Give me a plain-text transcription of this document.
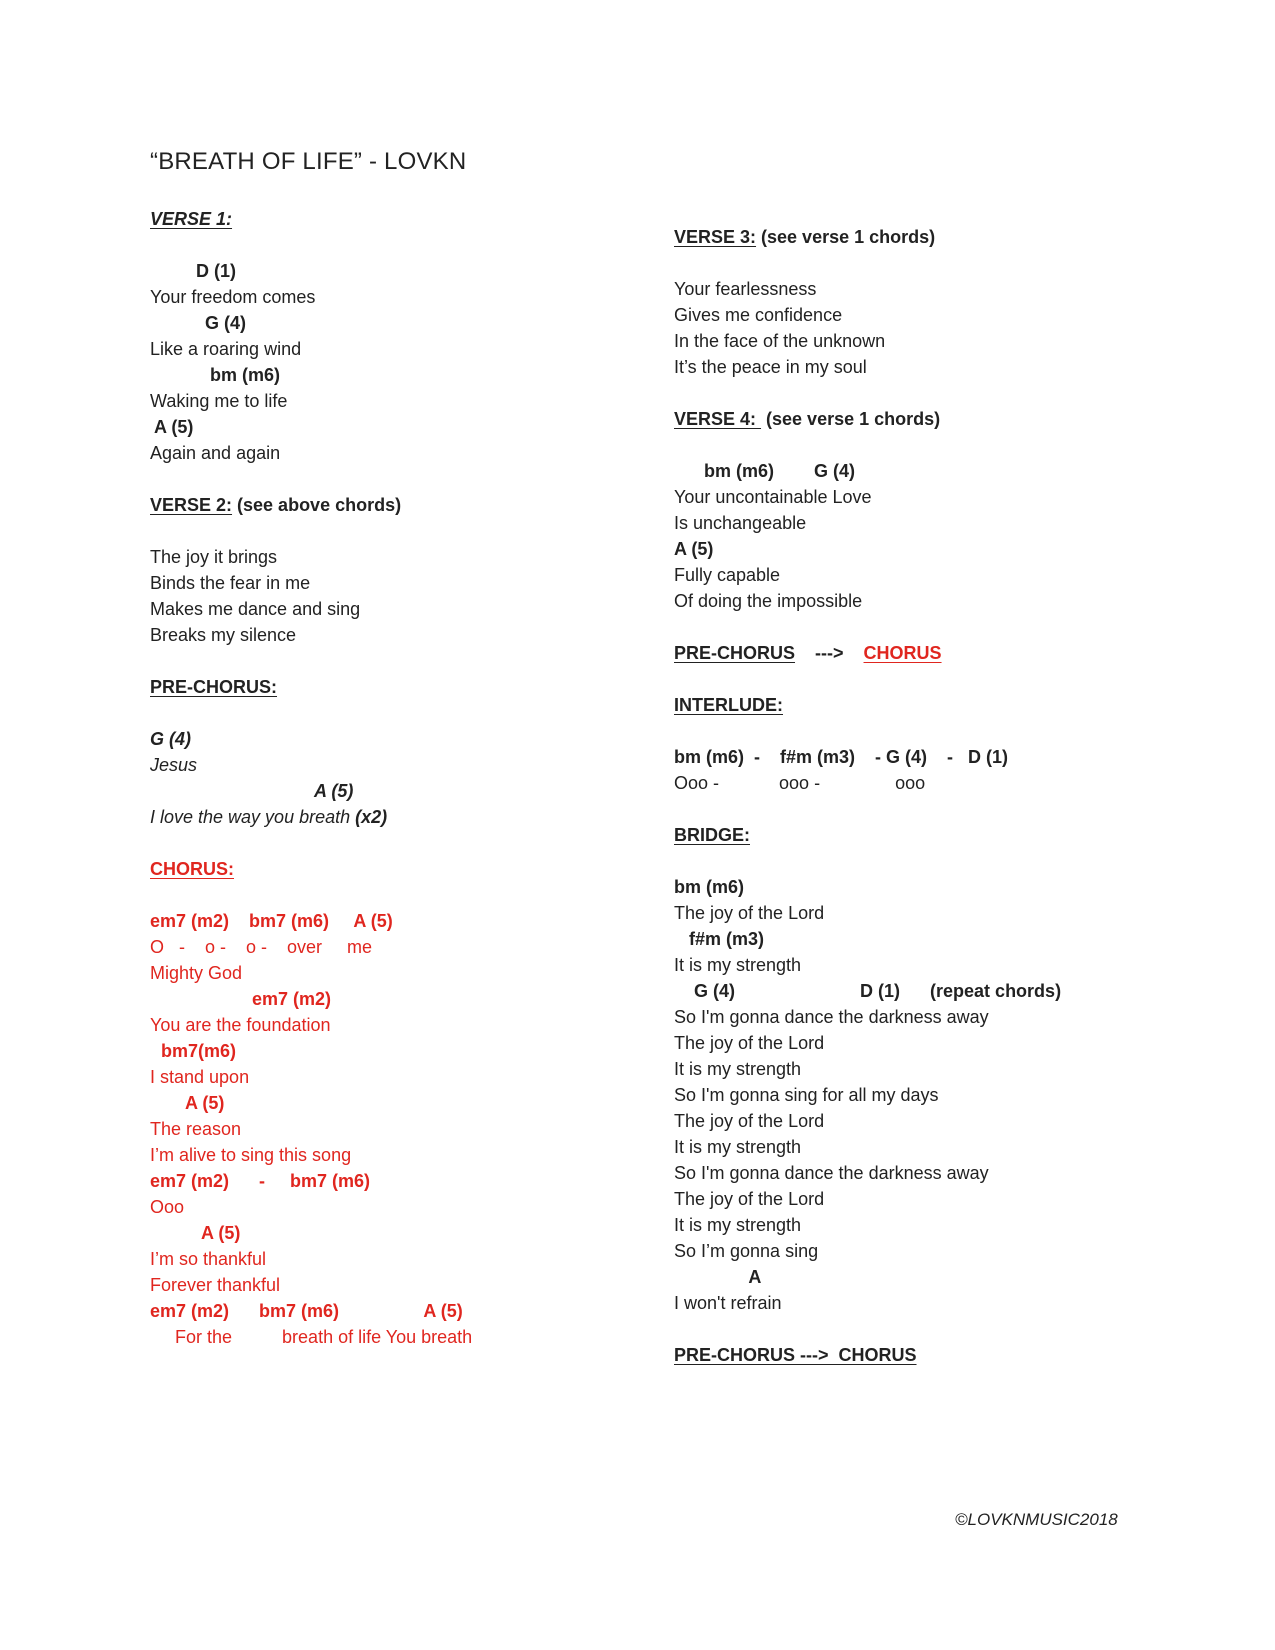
“BREATH OF LIFE” - LOVKN
VERSE 1:
D (1)
Your freedom comes
G (4)
Like a roaring wind
bm (m6)
Waking me to life
A (5)
Again and again
VERSE 2: (see above chords)
The joy it brings
Binds the fear in me
Makes me dance and sing
Breaks my silence
PRE-CHORUS:
G (4)
Jesus
A (5)
I love the way you breath (x2)
CHORUS:
em7 (m2)    bm7 (m6)     A (5)
O   -    o -    o -    over     me
Mighty God
em7 (m2)
You are the foundation
bm7(m6)
I stand upon
A (5)
The reason
I’m alive to sing this song
em7 (m2)      -     bm7 (m6)
Ooo
A (5)
I’m so thankful
Forever thankful
em7 (m2)      bm7 (m6)                 A (5)
For the          breath of life You breath
VERSE 3: (see verse 1 chords)
Your fearlessness
Gives me confidence
In the face of the unknown
It’s the peace in my soul
VERSE 4:  (see verse 1 chords)
bm (m6)        G (4)
Your uncontainable Love
Is unchangeable
A (5)
Fully capable
Of doing the impossible
PRE-CHORUS    --->    CHORUS
INTERLUDE:
bm (m6)  -    f#m (m3)    - G (4)    -   D (1)
Ooo -            ooo -               ooo
BRIDGE:
bm (m6)
The joy of the Lord
f#m (m3)
It is my strength
G (4)                         D (1)      (repeat chords)
So I'm gonna dance the darkness away
The joy of the Lord
It is my strength
So I'm gonna sing for all my days
The joy of the Lord
It is my strength
So I'm gonna dance the darkness away
The joy of the Lord
It is my strength
So I’m gonna sing
A
I won't refrain
PRE-CHORUS --->  CHORUS
©LOVKNMUSIC2018
